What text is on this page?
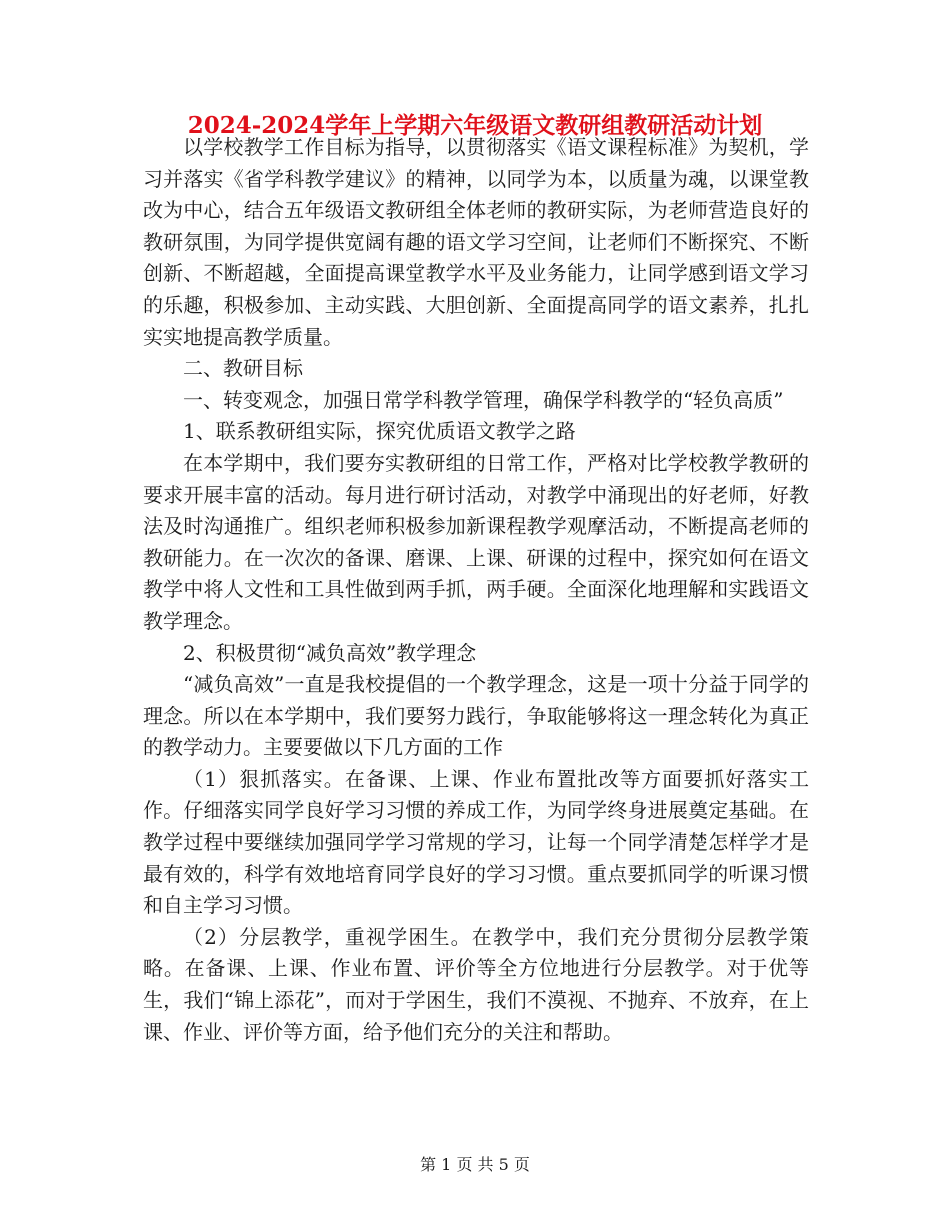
2024-2024学年上学期六年级语文教研组教研活动计划

以学校教学工作目标为指导，以贯彻落实《语文课程标准》为契机，学习并落实《省学科教学建议》的精神，以同学为本，以质量为魂，以课堂教改为中心，结合五年级语文教研组全体老师的教研实际，为老师营造良好的教研氛围，为同学提供宽阔有趣的语文学习空间，让老师们不断探究、不断创新、不断超越，全面提高课堂教学水平及业务能力，让同学感到语文学习的乐趣，积极参加、主动实践、大胆创新、全面提高同学的语文素养，扎扎实实地提高教学质量。

二、教研目标

一、转变观念，加强日常学科教学管理，确保学科教学的“轻负高质”

1、联系教研组实际，探究优质语文教学之路

在本学期中，我们要夯实教研组的日常工作，严格对比学校教学教研的要求开展丰富的活动。每月进行研讨活动，对教学中涌现出的好老师，好教法及时沟通推广。组织老师积极参加新课程教学观摩活动，不断提高老师的教研能力。在一次次的备课、磨课、上课、研课的过程中，探究如何在语文教学中将人文性和工具性做到两手抓，两手硬。全面深化地理解和实践语文教学理念。

2、积极贯彻“减负高效”教学理念

“减负高效”一直是我校提倡的一个教学理念，这是一项十分益于同学的理念。所以在本学期中，我们要努力践行，争取能够将这一理念转化为真正的教学动力。主要要做以下几方面的工作

（1）狠抓落实。在备课、上课、作业布置批改等方面要抓好落实工作。仔细落实同学良好学习习惯的养成工作，为同学终身进展奠定基础。在教学过程中要继续加强同学学习常规的学习，让每一个同学清楚怎样学才是最有效的，科学有效地培育同学良好的学习习惯。重点要抓同学的听课习惯和自主学习习惯。

（2）分层教学，重视学困生。在教学中，我们充分贯彻分层教学策略。在备课、上课、作业布置、评价等全方位地进行分层教学。对于优等生，我们“锦上添花”，而对于学困生，我们不漠视、不抛弃、不放弃，在上课、作业、评价等方面，给予他们充分的关注和帮助。

第 1 页 共 5 页
